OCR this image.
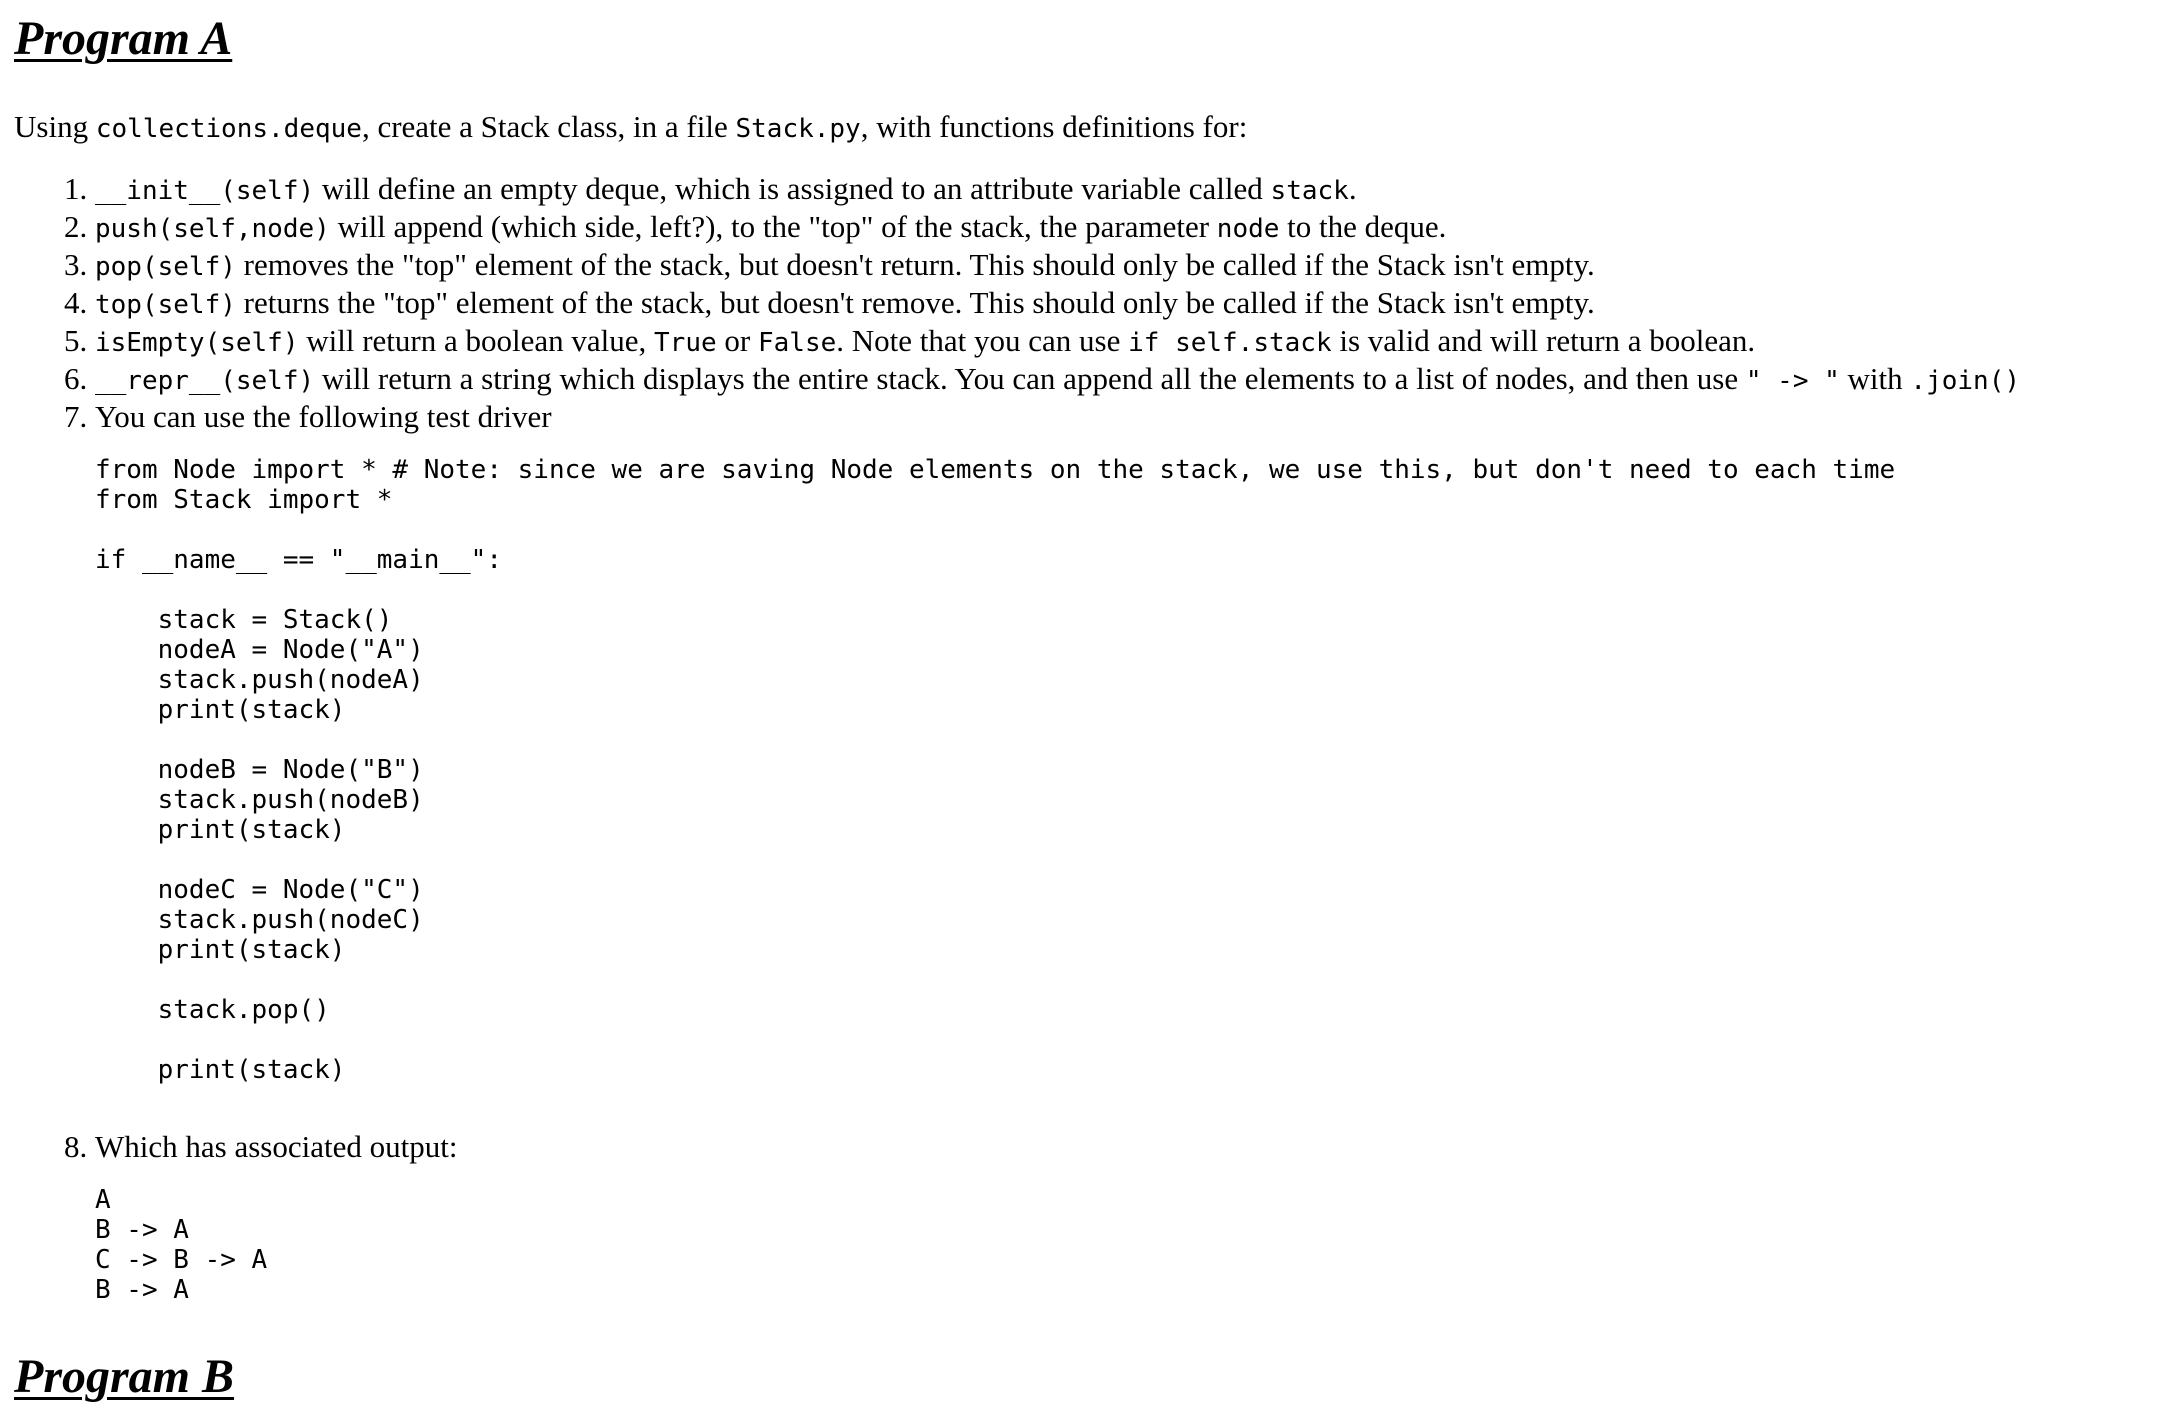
Program A

Using collections.deque, create a Stack class, in a file Stack.py, with functions definitions for:

1. __init__(self) will define an empty deque, which is assigned to an attribute variable called stack.
2. push(self,node) will append (which side, left?), to the "top" of the stack, the parameter node to the deque.
3. pop(self) removes the "top" element of the stack, but doesn't return. This should only be called if the Stack isn't empty.
4. top(self) returns the "top" element of the stack, but doesn't remove. This should only be called if the Stack isn't empty.
5. isEmpty(self) will return a boolean value, True or False. Note that you can use if self.stack is valid and will return a boolean.
6. __repr__(self) will return a string which displays the entire stack. You can append all the elements to a list of nodes, and then use " -> " with .join()
7. You can use the following test driver
from Node import * # Note: since we are saving Node elements on the stack, we use this, but don't need to each time
from Stack import *

if __name__ == "__main__":

stack = Stack()
nodeA = Node("A")
stack.push(nodeA)
print(stack)

nodeB = Node("B")
stack.push(nodeB)
print(stack)

nodeC = Node("C")
stack.push(nodeC)
print(stack)

stack.pop()

print(stack)
8. Which has associated output:
A
B -> A
C -> B -> A
B -> A
Program B
